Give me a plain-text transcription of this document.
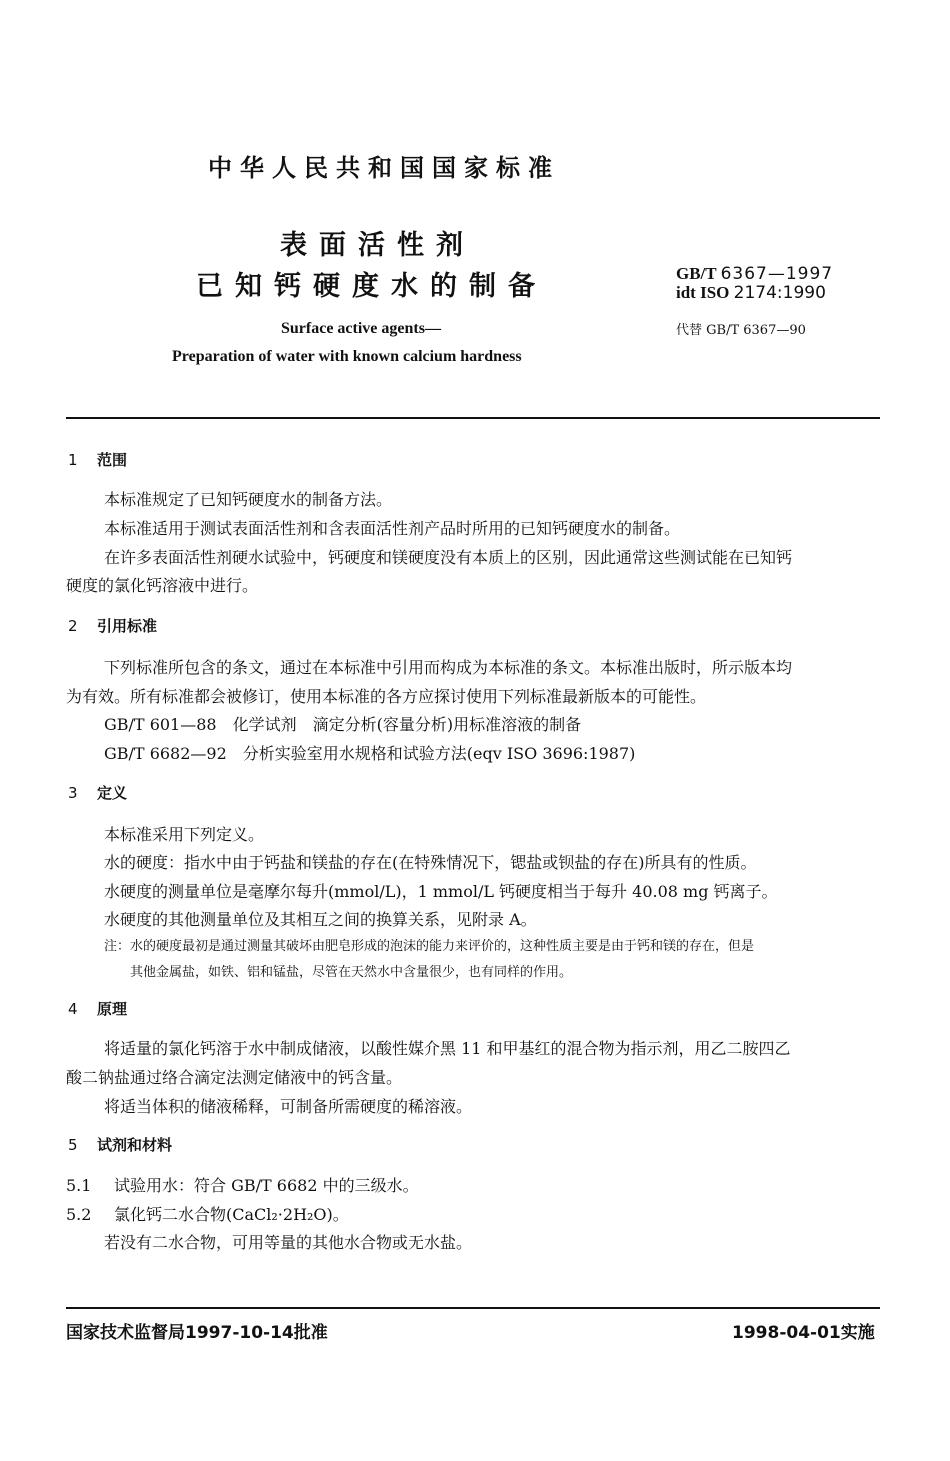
中华人民共和国国家标准
表面活性剂
已知钙硬度水的制备	GB/T 6367—1997
idt ISO 2174:1990
代替 GB/T 6367—90
Surface active agents—
Preparation of water with known calcium hardness
1 范围
本标准规定了已知钙硬度水的制备方法。
本标准适用于测试表面活性剂和含表面活性剂产品时所用的已知钙硬度水的制备。
在许多表面活性剂硬水试验中，钙硬度和镁硬度没有本质上的区别，因此通常这些测试能在已知钙
硬度的氯化钙溶液中进行。
2 引用标准
下列标准所包含的条文，通过在本标准中引用而构成为本标准的条文。本标准出版时，所示版本均
为有效。所有标准都会被修订，使用本标准的各方应探讨使用下列标准最新版本的可能性。
GB/T 601—88　化学试剂　滴定分析(容量分析)用标准溶液的制备
GB/T 6682—92　分析实验室用水规格和试验方法(eqv ISO 3696:1987)
3 定义
本标准采用下列定义。
水的硬度：指水中由于钙盐和镁盐的存在(在特殊情况下，锶盐或钡盐的存在)所具有的性质。
水硬度的测量单位是毫摩尔每升(mmol/L)，1 mmol/L 钙硬度相当于每升 40.08 mg 钙离子。
水硬度的其他测量单位及其相互之间的换算关系，见附录 A。
注：水的硬度最初是通过测量其破坏由肥皂形成的泡沫的能力来评价的，这种性质主要是由于钙和镁的存在，但是
其他金属盐，如铁、铝和锰盐，尽管在天然水中含量很少，也有同样的作用。
4 原理
将适量的氯化钙溶于水中制成储液，以酸性媒介黑 11 和甲基红的混合物为指示剂，用乙二胺四乙
酸二钠盐通过络合滴定法测定储液中的钙含量。
将适当体积的储液稀释，可制备所需硬度的稀溶液。
5 试剂和材料
5.1 试验用水：符合 GB/T 6682 中的三级水。
5.2 氯化钙二水合物(CaCl₂·2H₂O)。
若没有二水合物，可用等量的其他水合物或无水盐。
国家技术监督局1997-10-14批准	1998-04-01实施
